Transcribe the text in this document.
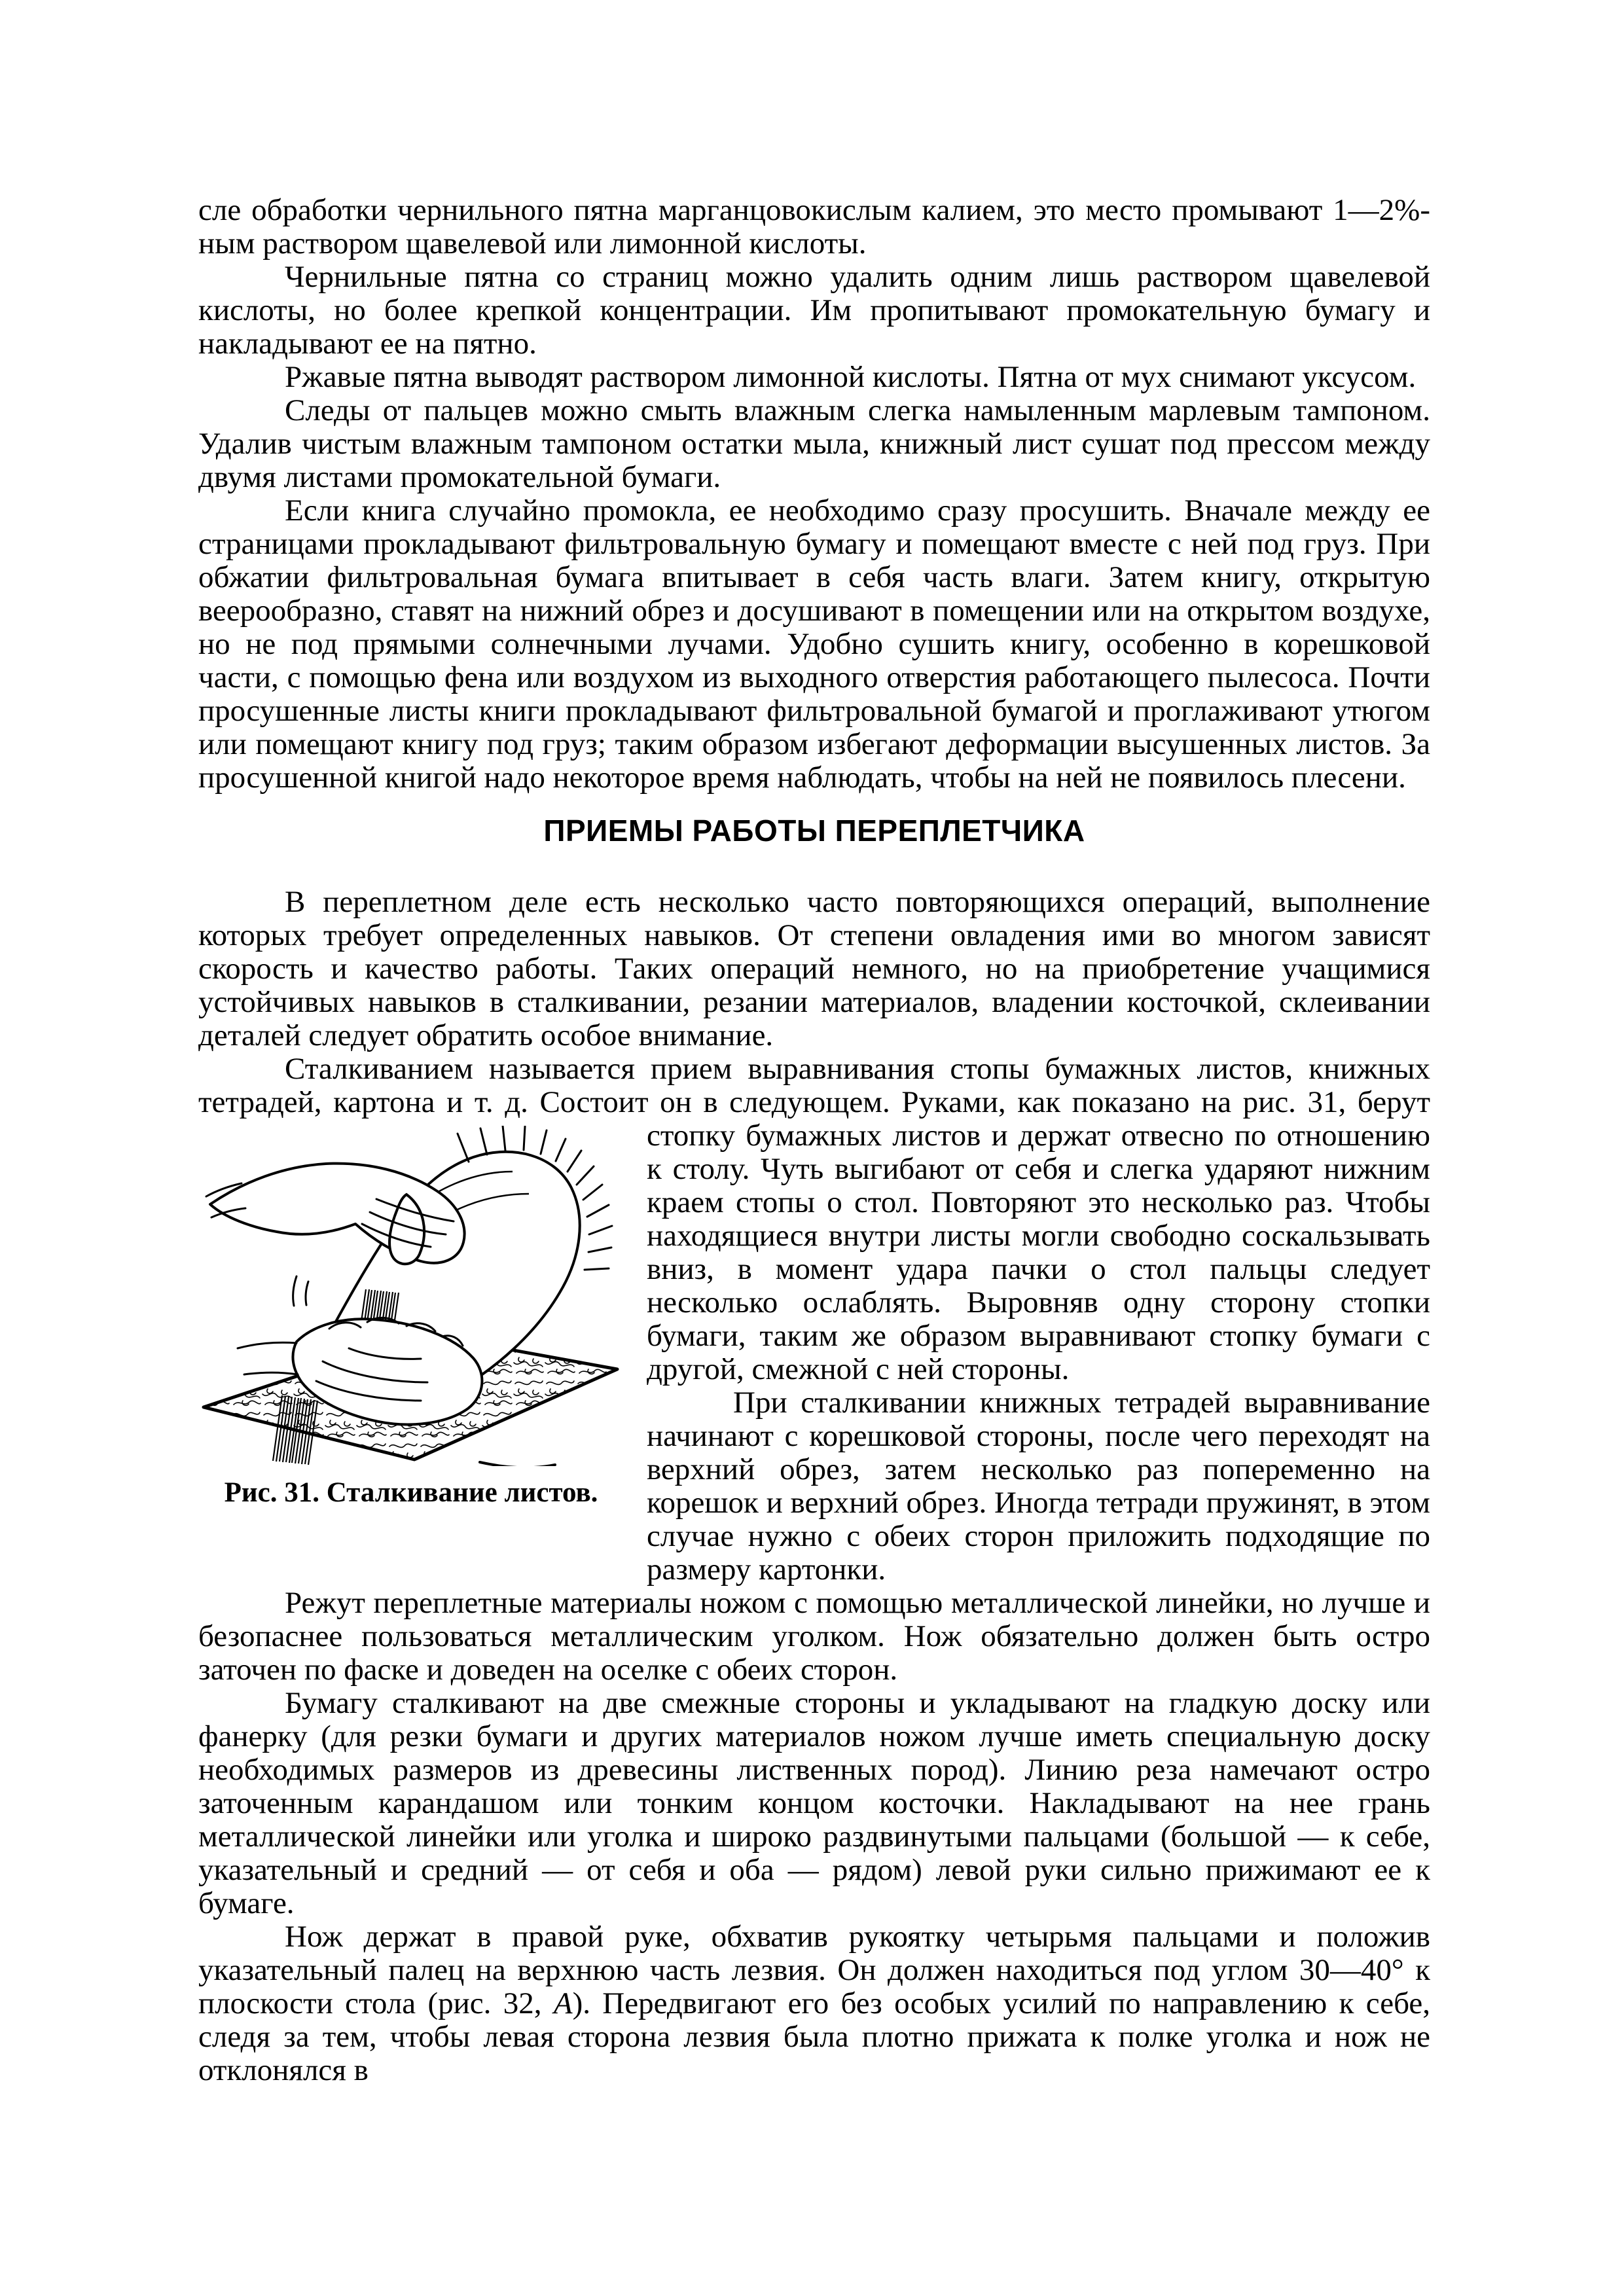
сле обработки чернильного пятна марганцовокислым калием, это место промывают 1—2%-ным раствором щавелевой или лимонной кислоты.

Чернильные пятна со страниц можно удалить одним лишь раствором щавелевой кислоты, но более крепкой концентрации. Им пропитывают промокательную бумагу и накладывают ее на пятно.

Ржавые пятна выводят раствором лимонной кислоты. Пятна от мух снимают уксусом.

Следы от пальцев можно смыть влажным слегка намыленным марлевым тампоном. Удалив чистым влажным тампоном остатки мыла, книжный лист сушат под прессом между двумя листами промокательной бумаги.

Если книга случайно промокла, ее необходимо сразу просушить. Вначале между ее страницами прокладывают фильтровальную бумагу и помещают вместе с ней под груз. При обжатии фильтровальная бумага впитывает в себя часть влаги. Затем книгу, открытую веерообразно, ставят на нижний обрез и досушивают в помещении или на открытом воздухе, но не под прямыми солнечными лучами. Удобно сушить книгу, особенно в корешковой части, с помощью фена или воздухом из выходного отверстия работающего пылесоса. Почти просушенные листы книги прокладывают фильтровальной бумагой и проглаживают утюгом или помещают книгу под груз; таким образом избегают деформации высушенных листов. За просушенной книгой надо некоторое время наблюдать, чтобы на ней не появилось плесени.

ПРИЕМЫ РАБОТЫ ПЕРЕПЛЕТЧИКА

В переплетном деле есть несколько часто повторяющихся операций, выполнение которых требует определенных навыков. От степени овладения ими во многом зависят скорость и качество работы. Таких операций немного, но на приобретение учащимися устойчивых навыков в сталкивании, резании материалов, владении косточкой, склеивании деталей следует обратить особое внимание.

Сталкиванием называется прием выравнивания стопы бумажных листов, книжных тетрадей, картона и т. д. Состоит он в следующем. Руками, как показано на рис. 31, берут стопку
Рис. 31. Сталкивание листов.
бумажных листов и держат отвесно по отношению к столу. Чуть выгибают от себя и слегка ударяют нижним краем стопы о стол. Повторяют это несколько раз. Чтобы находящиеся внутри листы могли свободно соскальзывать вниз, в момент удара пачки о стол пальцы следует несколько ослаблять. Выровняв одну сторону стопки бумаги, таким же образом выравнивают стопку бумаги с другой, смежной с ней стороны.

При сталкивании книжных тетрадей выравнивание начинают с корешковой стороны, после чего переходят на верхний обрез, затем несколько раз попеременно на корешок и верхний обрез. Иногда тетради пружинят, в этом случае нужно с обеих сторон приложить подходящие по размеру картонки.

Режут переплетные материалы ножом с помощью металлической линейки, но лучше и безопаснее пользоваться металлическим уголком. Нож обязательно должен быть остро заточен по фаске и доведен на оселке с обеих сторон.

Бумагу сталкивают на две смежные стороны и укладывают на гладкую доску или фанерку (для резки бумаги и других материалов ножом лучше иметь специальную доску необходимых размеров из древесины лиственных пород). Линию реза намечают остро заточенным карандашом или тонким концом косточки. Накладывают на нее грань металлической линейки или уголка и широко раздвинутыми пальцами (большой — к себе, указательный и средний — от себя и оба — рядом) левой руки сильно прижимают ее к бумаге.

Нож держат в правой руке, обхватив рукоятку четырьмя пальцами и положив указательный палец на верхнюю часть лезвия. Он должен находиться под углом 30—40° к плоскости стола (рис. 32, А). Передвигают его без особых усилий по направлению к себе, следя за тем, чтобы левая сторона лезвия была плотно прижата к полке уголка и нож не отклонялся в
